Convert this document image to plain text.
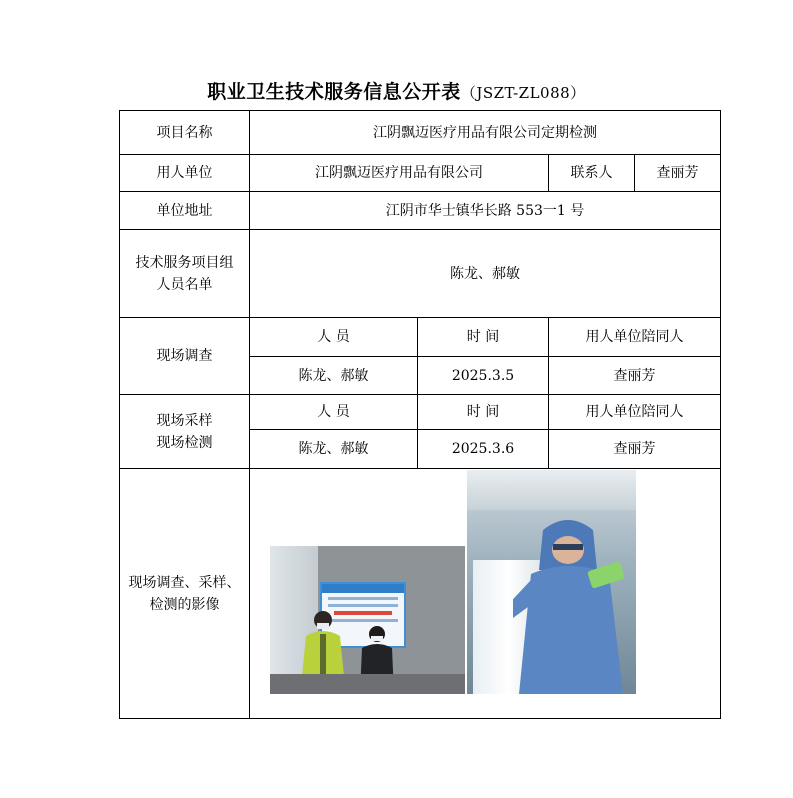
职业卫生技术服务信息公开表（JSZT-ZL088）
项目名称	江阴飘迈医疗用品有限公司定期检测			
用人单位	江阴飘迈医疗用品有限公司		联系人	查丽芳
单位地址	江阴市华士镇华长路 553一1 号			

技术服务项目组
人员名单	陈龙、郝敏			
现场调查	人 员	时 间	用人单位陪同人	
	陈龙、郝敏	2025.3.5	查丽芳	

现场采样
现场检测	人 员	时 间	用人单位陪同人	
	陈龙、郝敏	2025.3.6	查丽芳	

现场调查、采样、
检测的影像				
